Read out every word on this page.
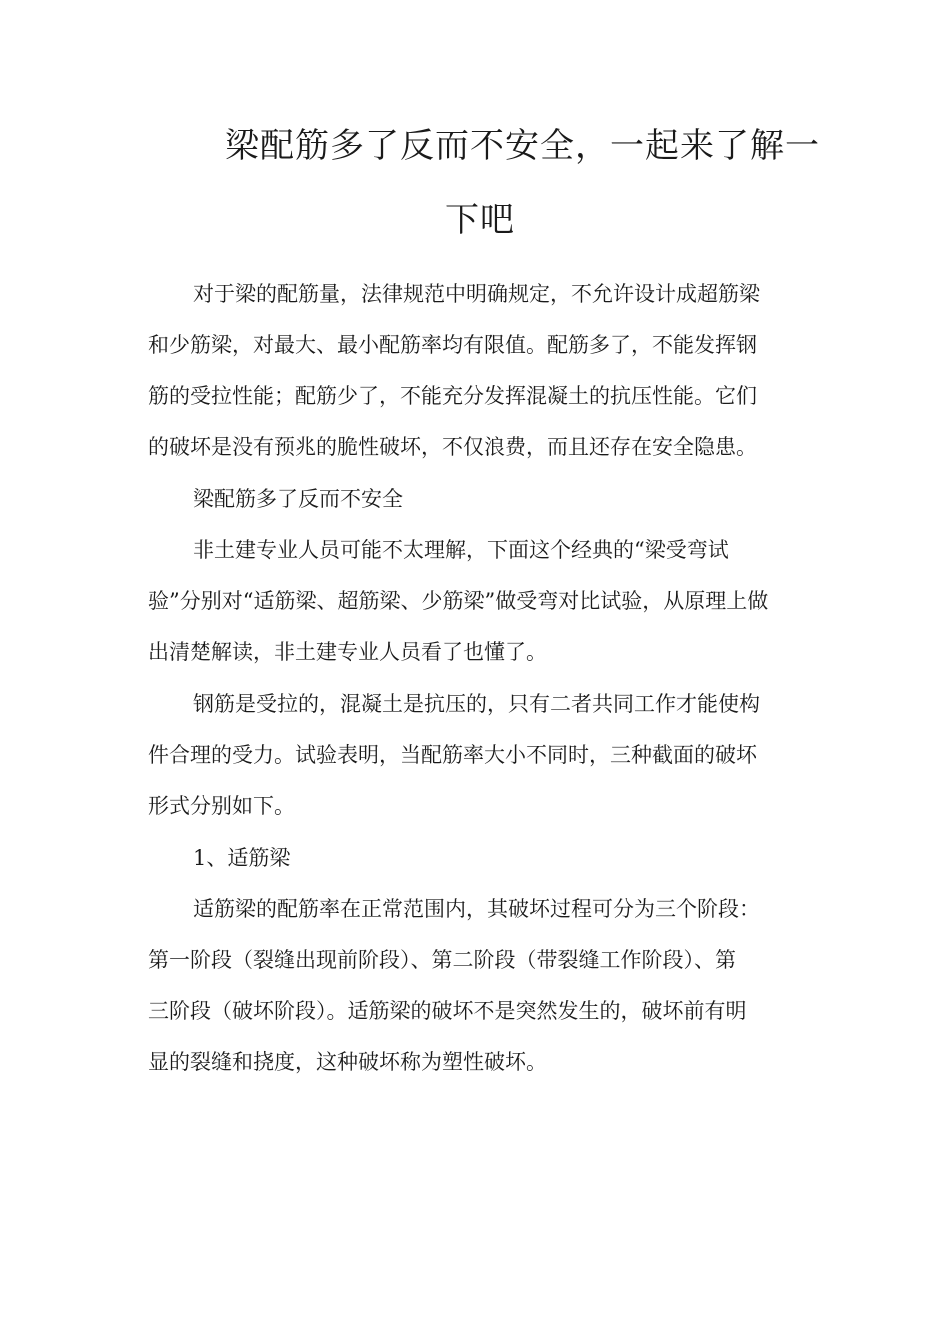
梁配筋多了反而不安全，一起来了解一
下吧
对于梁的配筋量，法律规范中明确规定，不允许设计成超筋梁
和少筋梁，对最大、最小配筋率均有限值。配筋多了，不能发挥钢
筋的受拉性能；配筋少了，不能充分发挥混凝土的抗压性能。它们
的破坏是没有预兆的脆性破坏，不仅浪费，而且还存在安全隐患。
梁配筋多了反而不安全
非土建专业人员可能不太理解，下面这个经典的“梁受弯试
验”分别对“适筋梁、超筋梁、少筋梁”做受弯对比试验，从原理上做
出清楚解读，非土建专业人员看了也懂了。
钢筋是受拉的，混凝土是抗压的，只有二者共同工作才能使构
件合理的受力。试验表明，当配筋率大小不同时，三种截面的破坏
形式分别如下。
1、适筋梁
适筋梁的配筋率在正常范围内，其破坏过程可分为三个阶段：
第一阶段（裂缝出现前阶段）、第二阶段（带裂缝工作阶段）、第
三阶段（破坏阶段）。适筋梁的破坏不是突然发生的，破坏前有明
显的裂缝和挠度，这种破坏称为塑性破坏。
